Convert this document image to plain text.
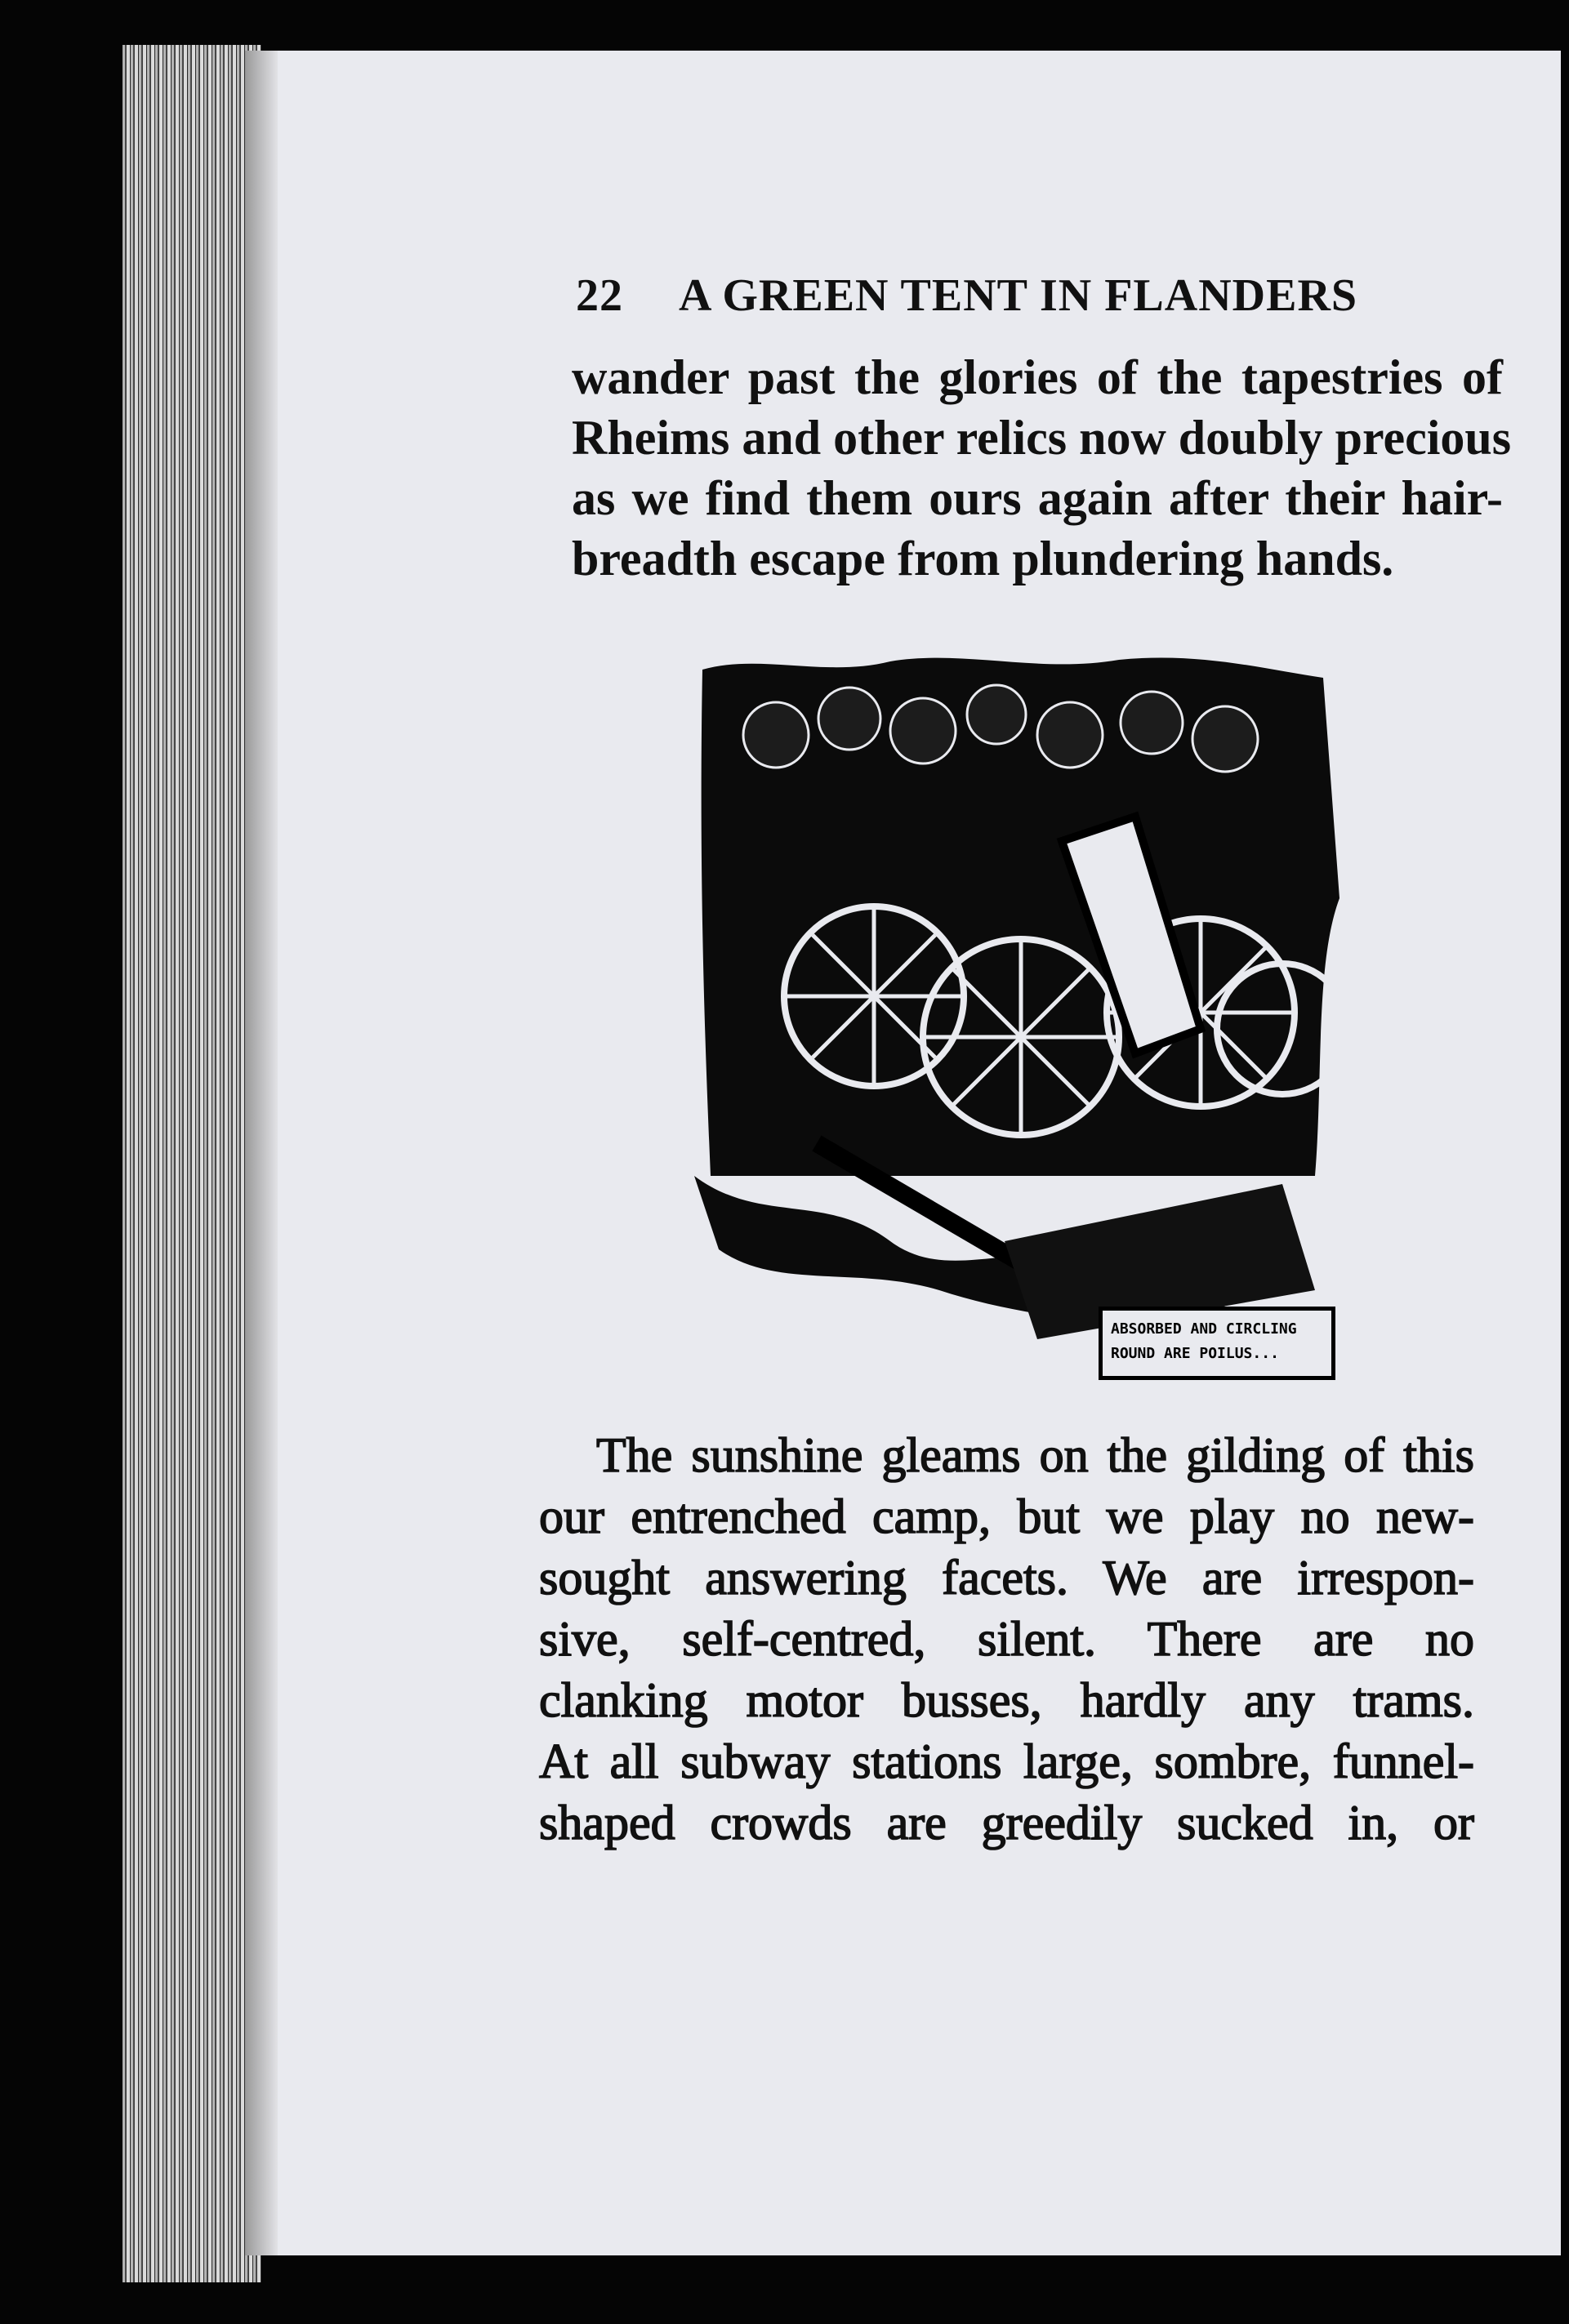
22 A GREEN TENT IN FLANDERS
wander past the glories of the tapestries of
Rheims and other relics now doubly precious
as we find them ours again after their hair-
breadth escape from plundering hands.
ABSORBED AND CIRCLING
ROUND ARE POILUS...
The sunshine gleams on the gilding of this
our entrenched camp, but we play no new-
sought answering facets. We are irrespon-
sive, self-centred, silent. There are no
clanking motor busses, hardly any trams.
At all subway stations large, sombre, funnel-
shaped crowds are greedily sucked in, or
